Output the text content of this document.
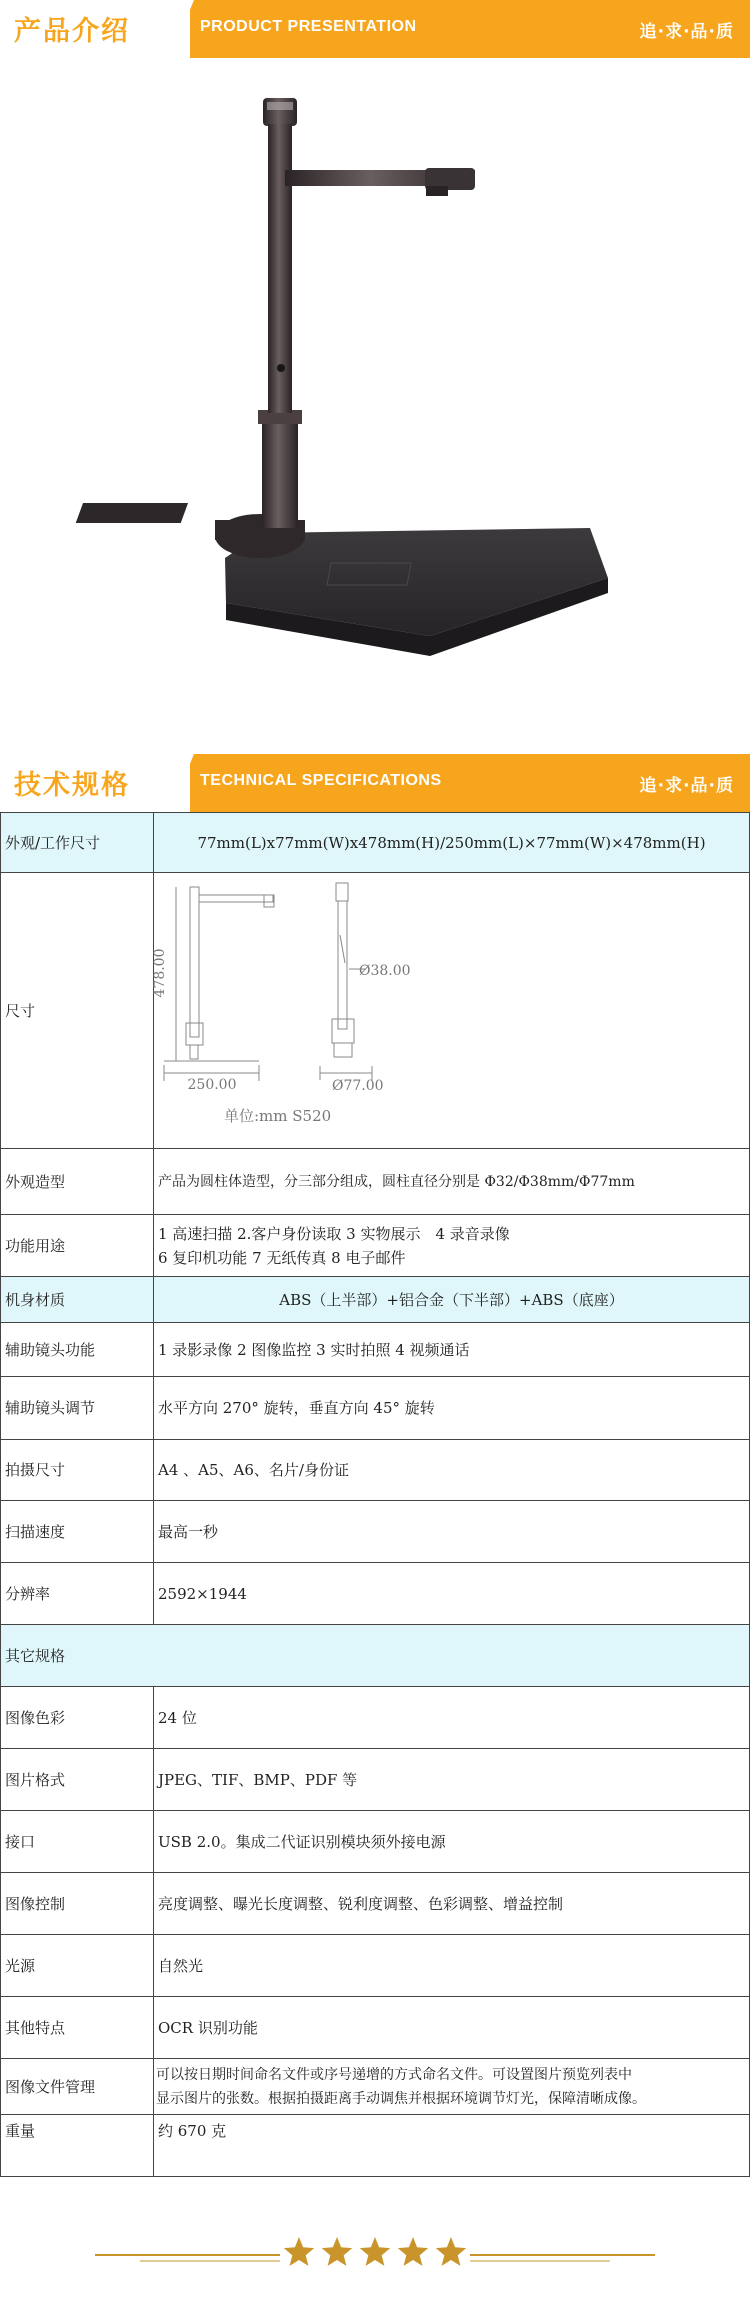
产品介绍	PRODUCT PRESENTATION	追·求·品·质
技术规格	TECHNICAL SPECIFICATIONS	追·求·品·质
外观/工作尺寸	77mm(L)x77mm(W)x478mm(H)/250mm(L)×77mm(W)×478mm(H)
尺寸	478.00
250.00
Ø38.00
Ø77.00
单位:mm S520

外观造型	产品为圆柱体造型，分三部分组成，圆柱直径分别是 Φ32/Φ38mm/Φ77mm
功能用途	1 高速扫描 2.客户身份读取 3 实物展示　4 录音录像
6 复印机功能 7 无纸传真 8 电子邮件

机身材质	ABS（上半部）+铝合金（下半部）+ABS（底座）
辅助镜头功能	1 录影录像 2 图像监控 3 实时拍照 4 视频通话
辅助镜头调节	水平方向 270° 旋转，垂直方向 45° 旋转
拍摄尺寸	A4 、A5、A6、名片/身份证
扫描速度	最高一秒
分辨率	2592×1944
其它规格	
图像色彩	24 位
图片格式	JPEG、TIF、BMP、PDF 等
接口	USB 2.0。集成二代证识别模块须外接电源
图像控制	亮度调整、曝光长度调整、锐利度调整、色彩调整、增益控制
光源	自然光
其他特点	OCR 识别功能
图像文件管理	可以按日期时间命名文件或序号递增的方式命名文件。可设置图片预览列表中
显示图片的张数。根据拍摄距离手动调焦并根据环境调节灯光，保障清晰成像。

重量	约 670 克
